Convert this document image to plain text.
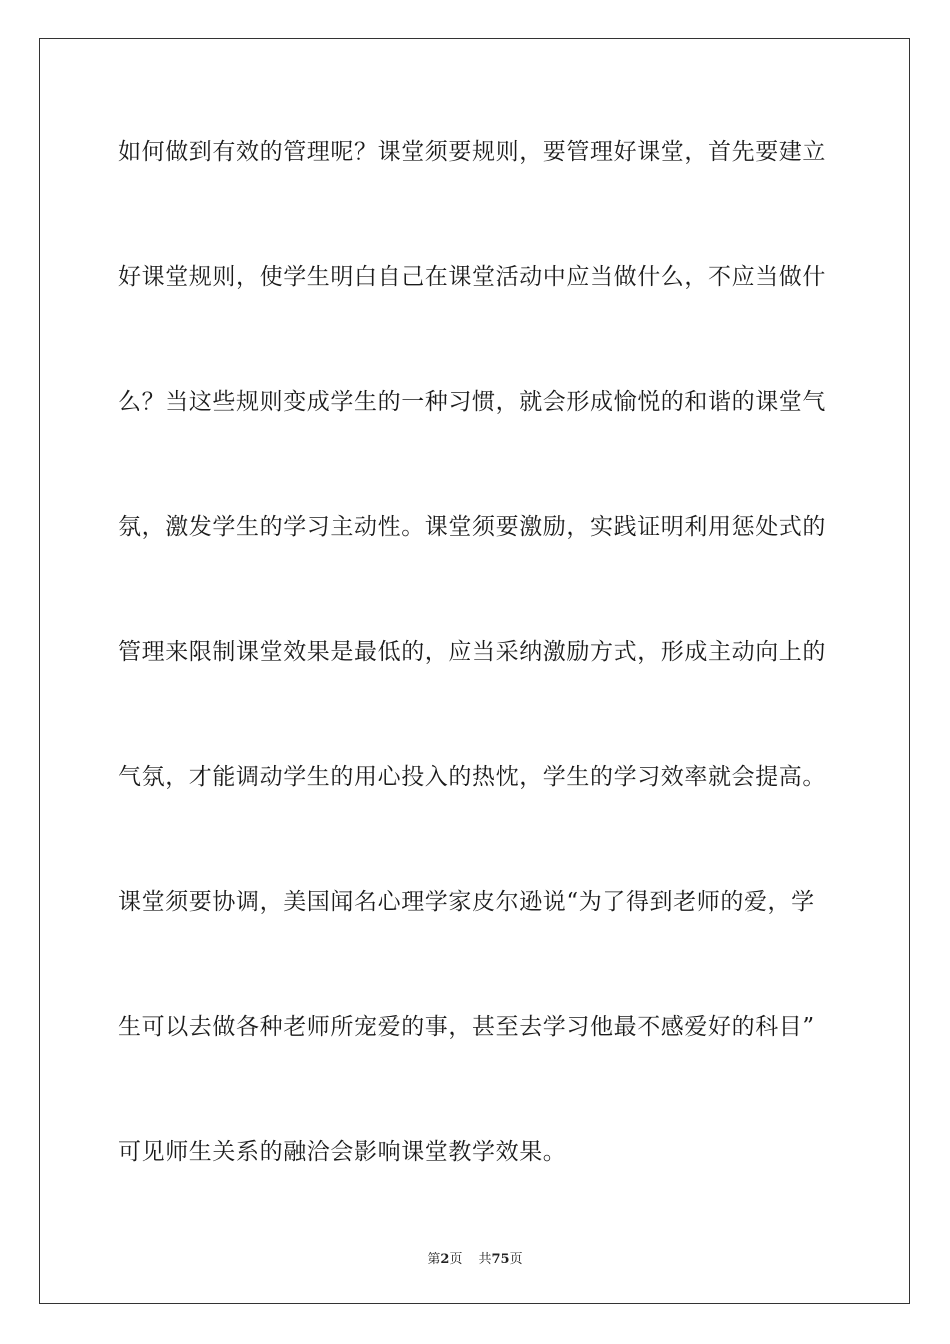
如何做到有效的管理呢？课堂须要规则，要管理好课堂，首先要建立
好课堂规则，使学生明白自己在课堂活动中应当做什么，不应当做什
么？当这些规则变成学生的一种习惯，就会形成愉悦的和谐的课堂气
氛，激发学生的学习主动性。课堂须要激励，实践证明利用惩处式的
管理来限制课堂效果是最低的，应当采纳激励方式，形成主动向上的
气氛，才能调动学生的用心投入的热忱，学生的学习效率就会提高。
课堂须要协调，美国闻名心理学家皮尔逊说“为了得到老师的爱，学
生可以去做各种老师所宠爱的事，甚至去学习他最不感爱好的科目”
可见师生关系的融洽会影响课堂教学效果。
第2页 共75页
